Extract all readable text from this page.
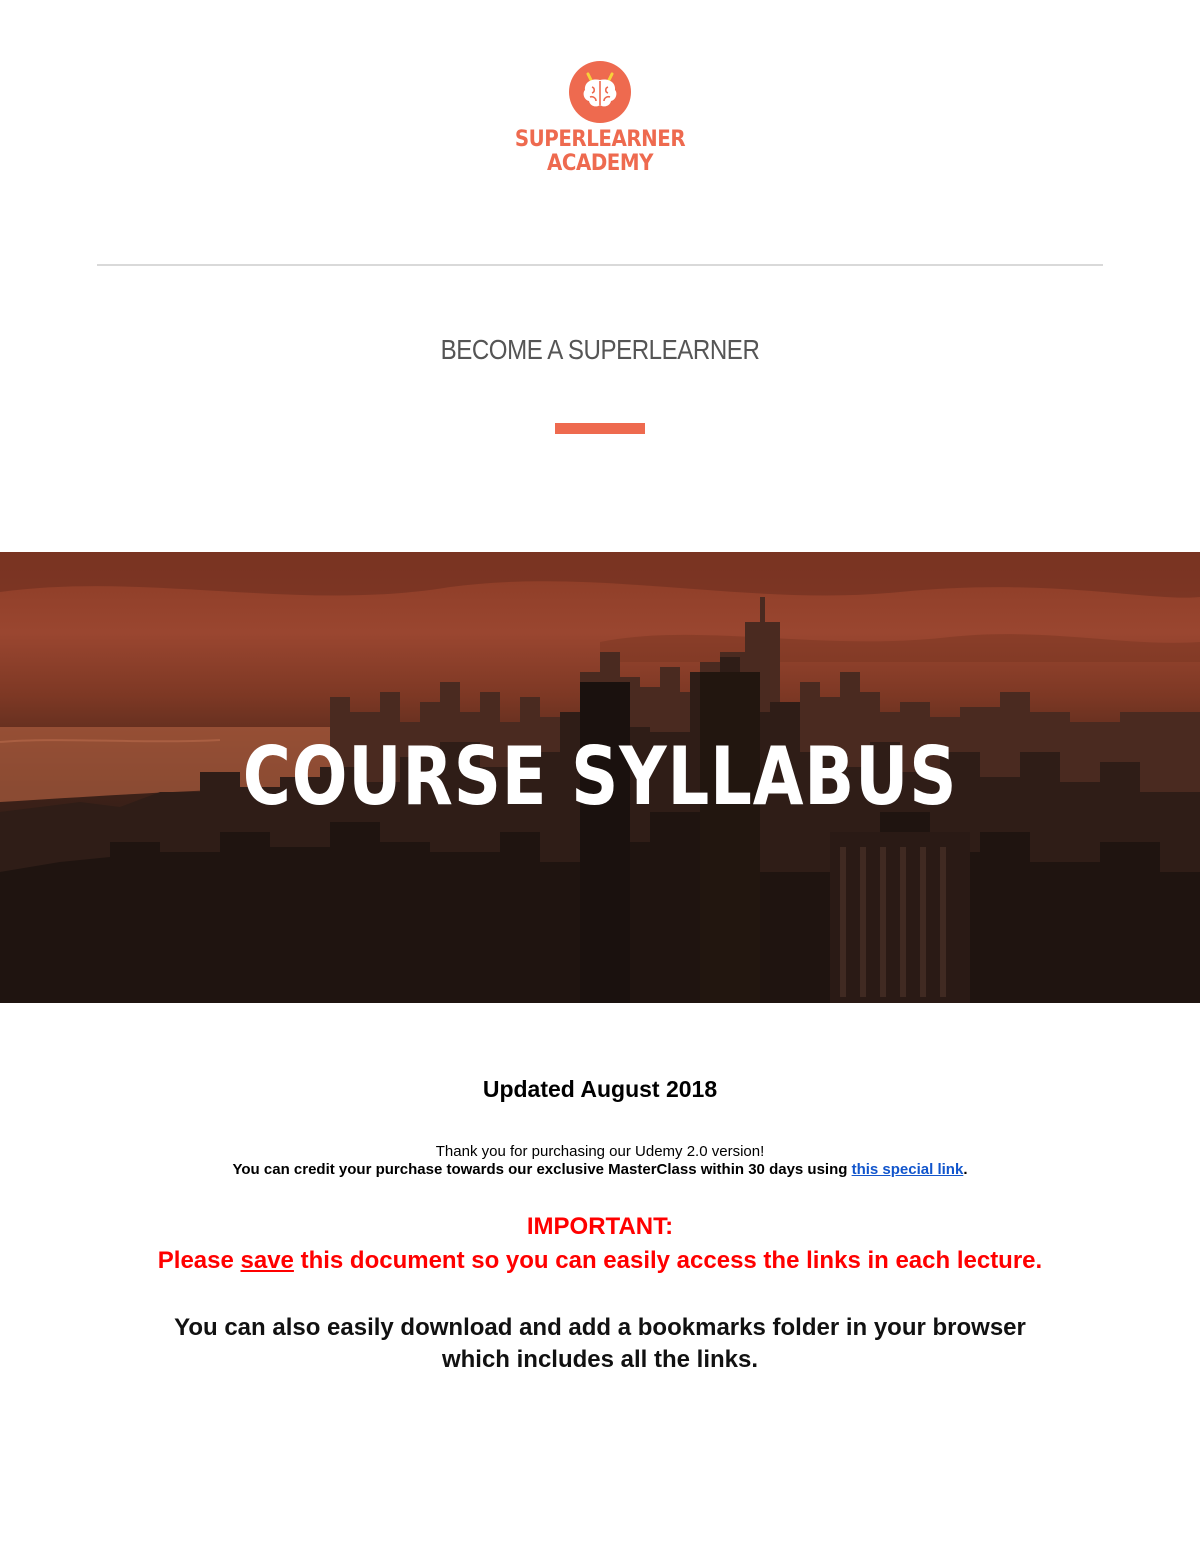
SUPERLEARNER
ACADEMY
BECOME A SUPERLEARNER
COURSE SYLLABUS
Updated August 2018
Thank you for purchasing our Udemy 2.0 version!
You can credit your purchase towards our exclusive MasterClass within 30 days using this special link.
IMPORTANT:
Please save this document so you can easily access the links in each lecture.
You can also easily download and add a bookmarks folder in your browser
which includes all the links.
